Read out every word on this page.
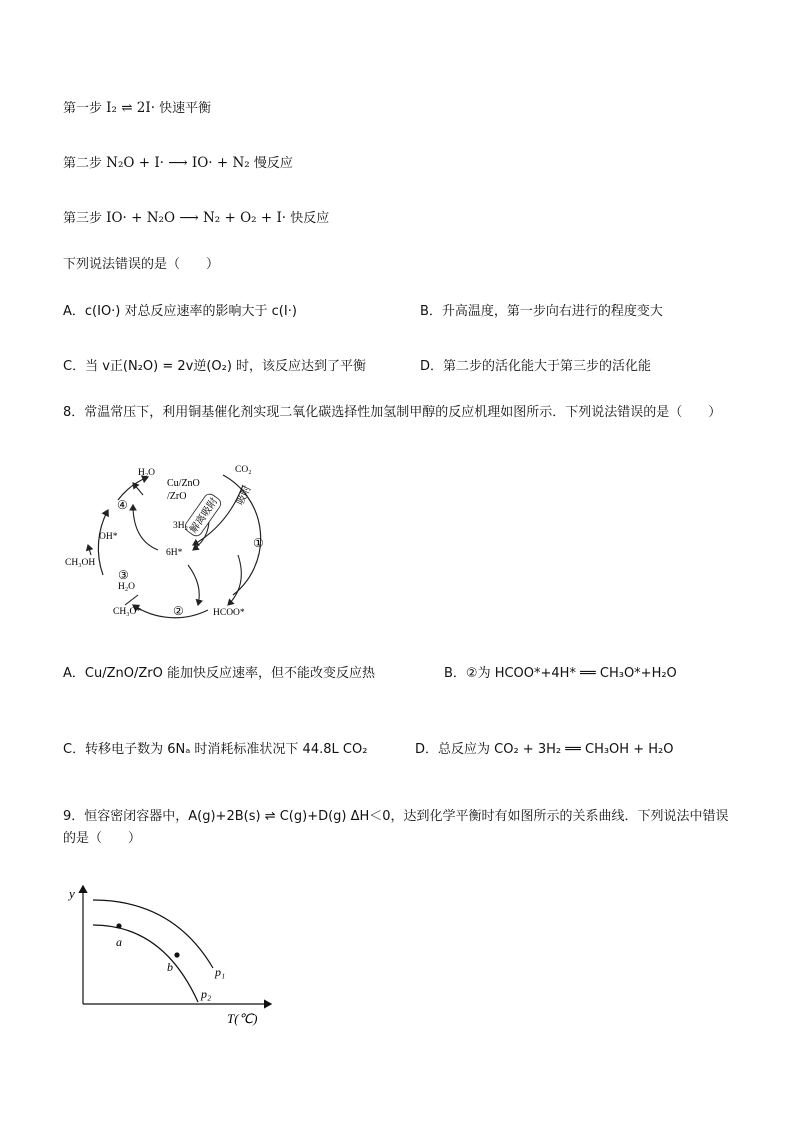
第一步 I₂ ⇌ 2I· 快速平衡
第二步 N₂O + I· ⟶ IO· + N₂ 慢反应
第三步 IO· + N₂O ⟶ N₂ + O₂ + I· 快反应
下列说法错误的是（　　）
A．c(IO·) 对总反应速率的影响大于 c(I·)	B．升高温度，第一步向右进行的程度变大
C．当 v正(N₂O) = 2v逆(O₂) 时，该反应达到了平衡	D．第二步的活化能大于第三步的活化能
8．常温常压下，利用铜基催化剂实现二氧化碳选择性加氢制甲醇的反应机理如图所示．下列说法错误的是（　　）
解离
吸附
吸附
H₂O
Cu/ZnO
/ZrO
CO₂
3H₂
6H*
OH*
CH₃OH
H₂O
CH₃O*	HCOO*
①
②
③
④
A．Cu/ZnO/ZrO 能加快反应速率，但不能改变反应热	B．②为 HCOO*+4H* ══ CH₃O*+H₂O
C．转移电子数为 6Nₐ 时消耗标准状况下 44.8L CO₂	D．总反应为 CO₂ + 3H₂ ══ CH₃OH + H₂O
9．恒容密闭容器中，A(g)+2B(s) ⇌ C(g)+D(g) ΔH＜0，达到化学平衡时有如图所示的关系曲线．下列说法中错误的是（　　）
y
T(℃)
a
b	p₁
p₂
